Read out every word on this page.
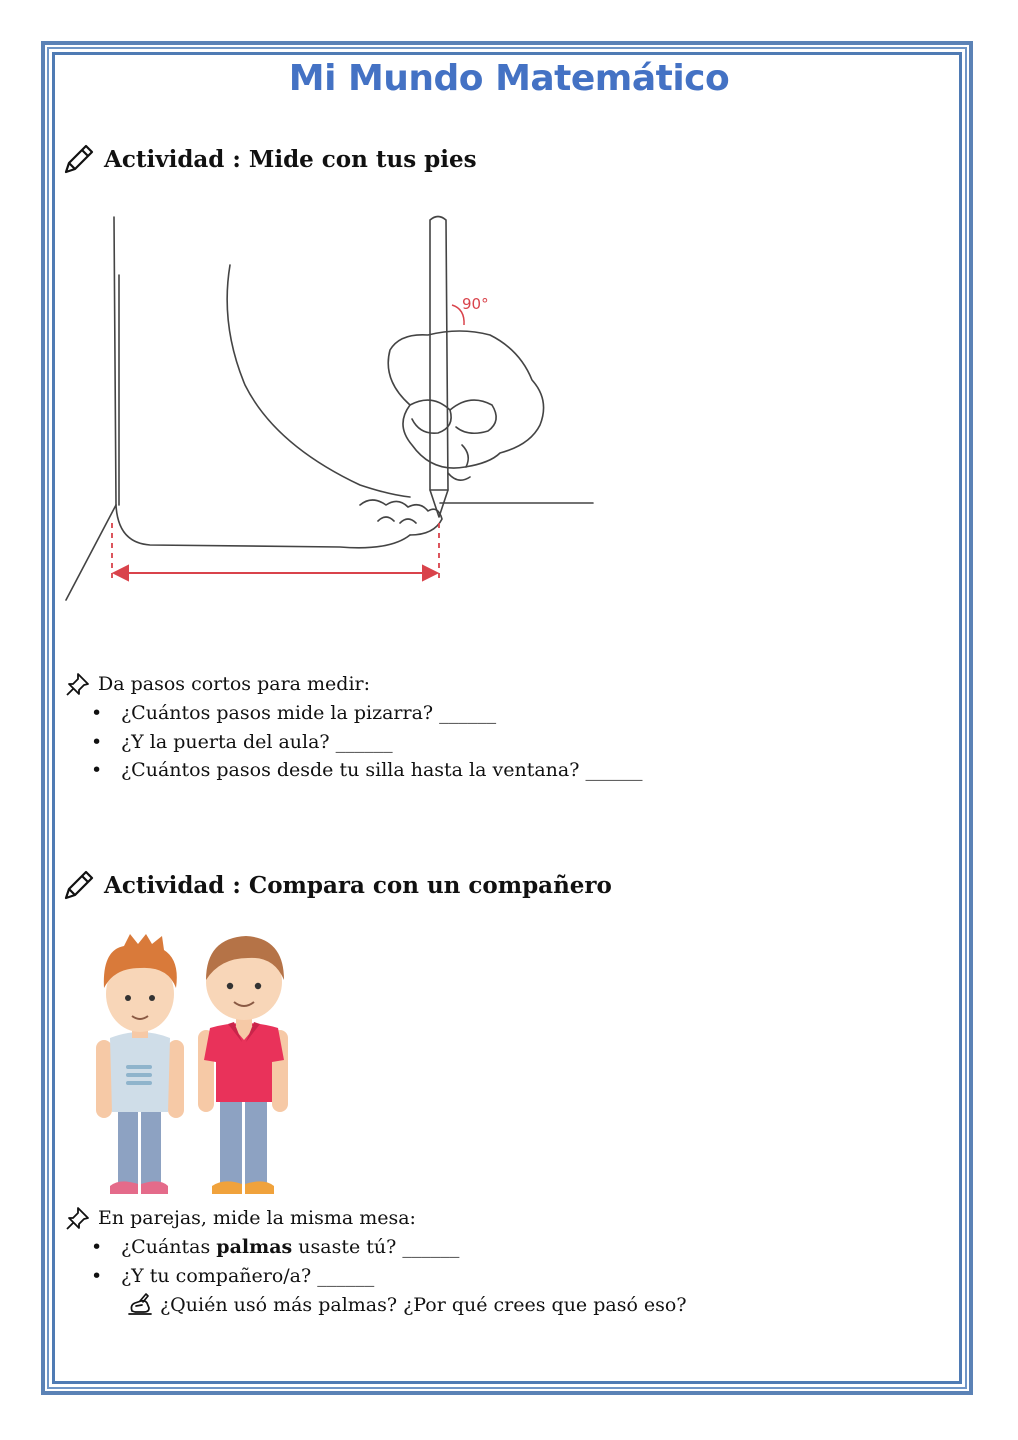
Mi Mundo Matemático
Actividad : Mide con tus pies
90°
Da pasos cortos para medir:
• ¿Cuántos pasos mide la pizarra? ______
• ¿Y la puerta del aula? ______
• ¿Cuántos pasos desde tu silla hasta la ventana? ______
Actividad : Compara con un compañero
En parejas, mide la misma mesa:
• ¿Cuántas palmas usaste tú? ______
• ¿Y tu compañero/a? ______
¿Quién usó más palmas? ¿Por qué crees que pasó eso?
